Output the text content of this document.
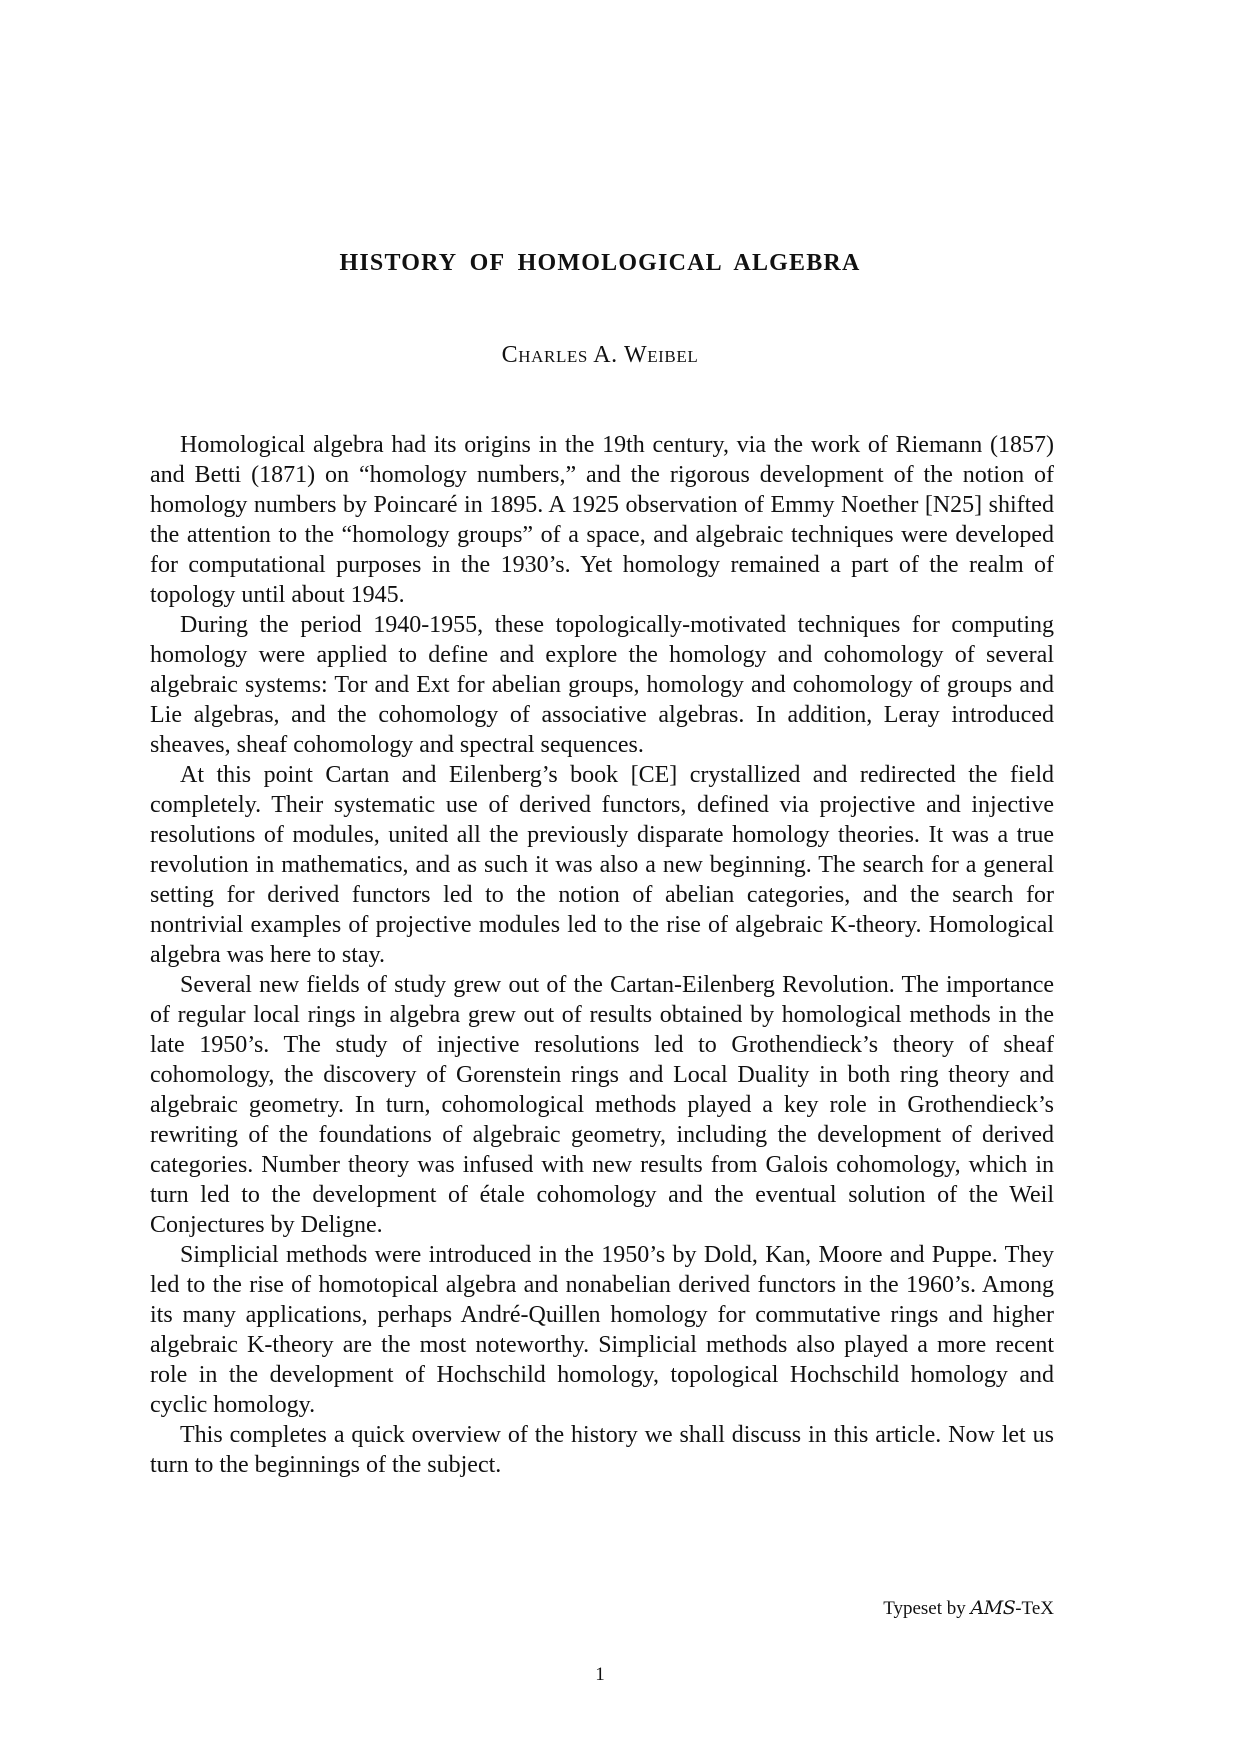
HISTORY OF HOMOLOGICAL ALGEBRA
Charles A. Weibel

Homological algebra had its origins in the 19th century, via the work of Riemann (1857) and Betti (1871) on “homology numbers,” and the rigorous development of the notion of homology numbers by Poincaré in 1895. A 1925 observation of Emmy Noether [N25] shifted the attention to the “homology groups” of a space, and algebraic techniques were developed for computational purposes in the 1930’s. Yet homology remained a part of the realm of topology until about 1945.

During the period 1940-1955, these topologically-motivated techniques for computing homology were applied to define and explore the homology and cohomology of several algebraic systems: Tor and Ext for abelian groups, homology and cohomology of groups and Lie algebras, and the cohomology of associative algebras. In addition, Leray introduced sheaves, sheaf cohomology and spectral sequences.

At this point Cartan and Eilenberg’s book [CE] crystallized and redirected the field completely. Their systematic use of derived functors, defined via projective and injective resolutions of modules, united all the previously disparate homology theories. It was a true revolution in mathematics, and as such it was also a new beginning. The search for a general setting for derived functors led to the notion of abelian categories, and the search for nontrivial examples of projective modules led to the rise of algebraic K-theory. Homological algebra was here to stay.

Several new fields of study grew out of the Cartan-Eilenberg Revolution. The importance of regular local rings in algebra grew out of results obtained by homological methods in the late 1950’s. The study of injective resolutions led to Grothendieck’s theory of sheaf cohomology, the discovery of Gorenstein rings and Local Duality in both ring theory and algebraic geometry. In turn, cohomological methods played a key role in Grothendieck’s rewriting of the foundations of algebraic geometry, including the development of derived categories. Number theory was infused with new results from Galois cohomology, which in turn led to the development of étale cohomology and the eventual solution of the Weil Conjectures by Deligne.

Simplicial methods were introduced in the 1950’s by Dold, Kan, Moore and Puppe. They led to the rise of homotopical algebra and nonabelian derived functors in the 1960’s. Among its many applications, perhaps André-Quillen homology for commutative rings and higher algebraic K-theory are the most noteworthy. Simplicial methods also played a more recent role in the development of Hochschild homology, topological Hochschild homology and cyclic homology.

This completes a quick overview of the history we shall discuss in this article. Now let us turn to the beginnings of the subject.

Typeset by AMS-TeX
1
